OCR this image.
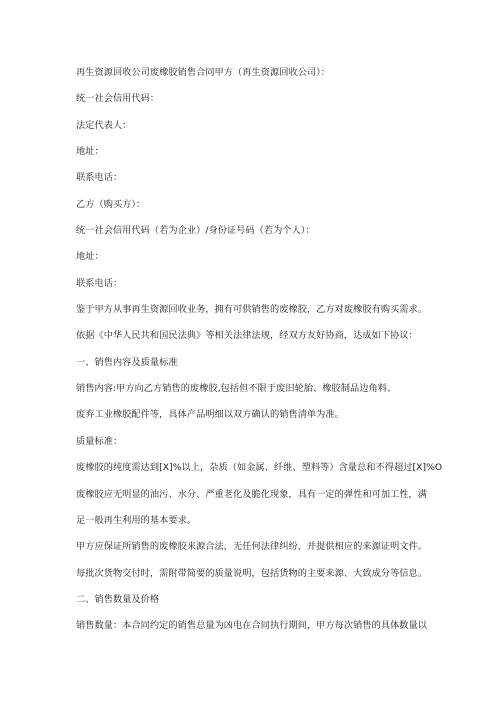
再生资源回收公司废橡胶销售合同甲方（再生资源回收公司）：
统一社会信用代码：
法定代表人：
地址：
联系电话：
乙方（购买方）：
统一社会信用代码（若为企业）/身份证号码（若为个人）：
地址：
联系电话：
鉴于甲方从事再生资源回收业务，拥有可供销售的废橡胶，乙方对废橡胶有购买需求。
依据《中华人民共和国民法典》等相关法律法规，经双方友好协商，达成如下协议：
一、销售内容及质量标准
销售内容:甲方向乙方销售的废橡胶,包括但不限于废旧轮胎、橡胶制品边角料、
废弃工业橡胶配件等，具体产品明细以双方确认的销售清单为准。
质量标准：
废橡胶的纯度需达到[X]%以上，杂质（如金属、纤维、塑料等）含量总和不得超过[X]%O
废橡胶应无明显的油污、水分、严重老化及脆化现象，具有一定的弹性和可加工性，满
足一般再生利用的基本要求。
甲方应保证所销售的废橡胶来源合法，无任何法律纠纷，并提供相应的来源证明文件。
每批次货物交付时，需附带简要的质量说明，包括货物的主要来源、大致成分等信息。
二、销售数量及价格
销售数量：本合同约定的销售总量为凶电在合同执行期间，甲方每次销售的具体数量以
